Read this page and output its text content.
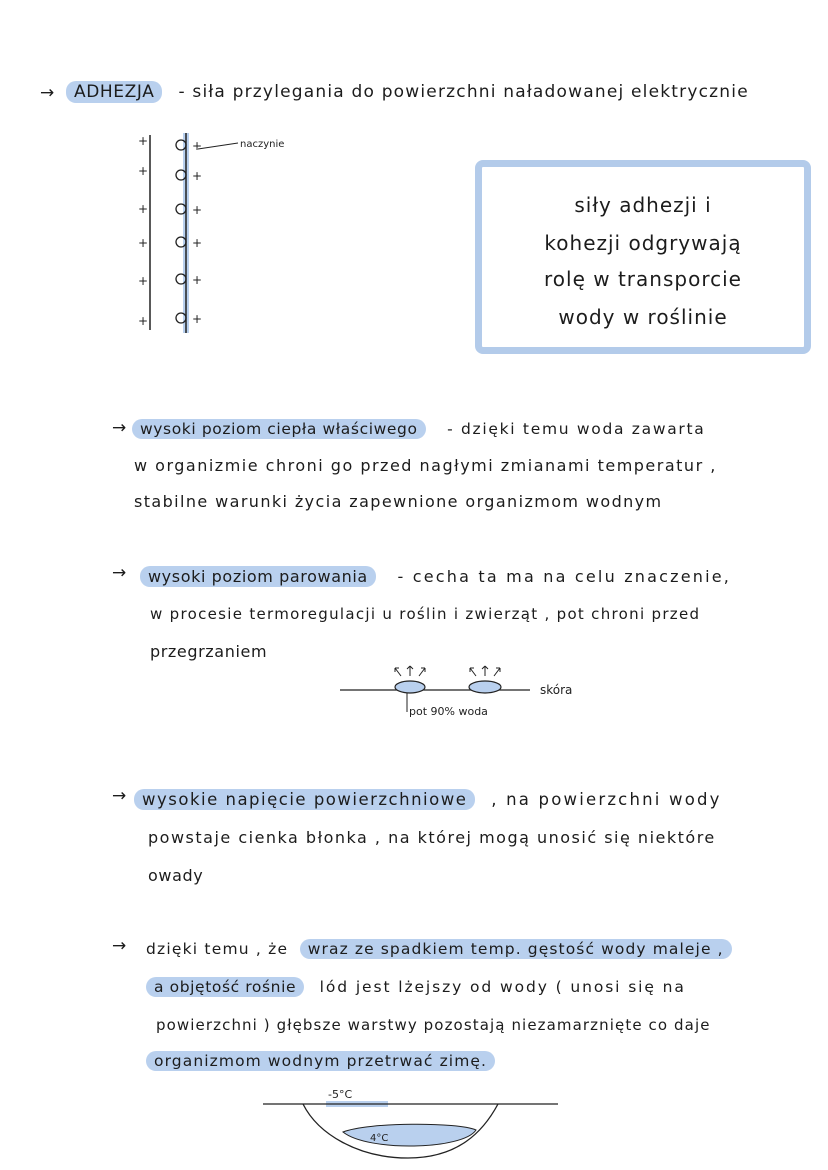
→	ADHEZJA - siła przylegania do powierzchni naładowanej elektrycznie
+
+
+
+
+
+
+
+
+
+
+
+
naczynie
siły adhezji i
kohezji odgrywają
rolę w transporcie
wody w roślinie
→ wysoki poziom ciepła właściwego - dzięki temu woda zawarta
w organizmie chroni go przed nagłymi zmianami temperatur ,
stabilne warunki życia zapewnione organizmom wodnym
→	wysoki poziom parowania - cecha ta ma na celu znaczenie,
w procesie termoregulacji u roślin i zwierząt , pot chroni przed
przegrzaniem
skóra
pot 90% woda
→ wysokie napięcie powierzchniowe , na powierzchni wody
powstaje cienka błonka , na której mogą unosić się niektóre
owady
→ dzięki temu , że wraz ze spadkiem temp. gęstość wody maleje ,
a objętość rośnie lód jest lżejszy od wody ( unosi się na
powierzchni ) głębsze warstwy pozostają niezamarznięte co daje
organizmom wodnym przetrwać zimę.
-5°C
4°C
